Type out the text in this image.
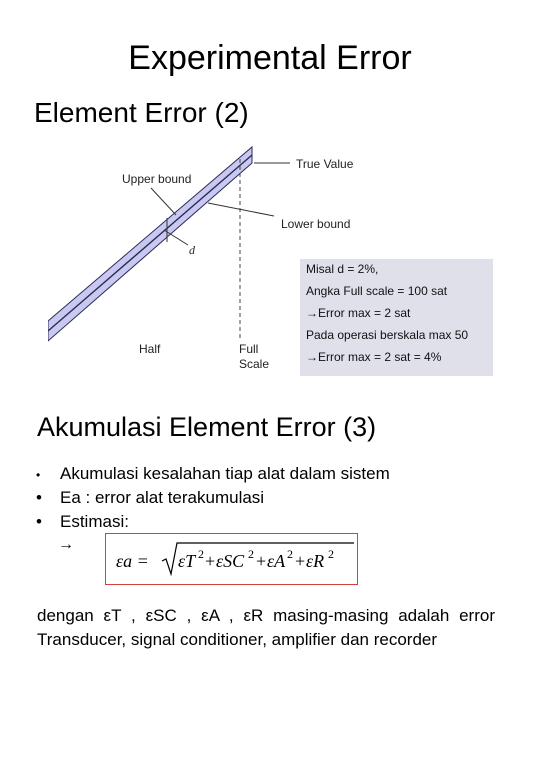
Experimental Error
Element Error (2)
Upper bound
True Value
Lower bound
d
Half	Full
Scale
Misal d = 2%,
Angka Full scale = 100 sat
→Error max = 2 sat
Pada operasi berskala max 50
→Error max = 2 sat = 4%
Akumulasi Element Error (3)
• Akumulasi kesalahan tiap alat dalam sistem
• Ea : error alat terakumulasi
• Estimasi:
→
εa = εT 2 + εSC 2 + εA 2 + εR 2
dengan εT , εSC , εA , εR masing-masing adalah error Transducer, signal conditioner, amplifier dan recorder
